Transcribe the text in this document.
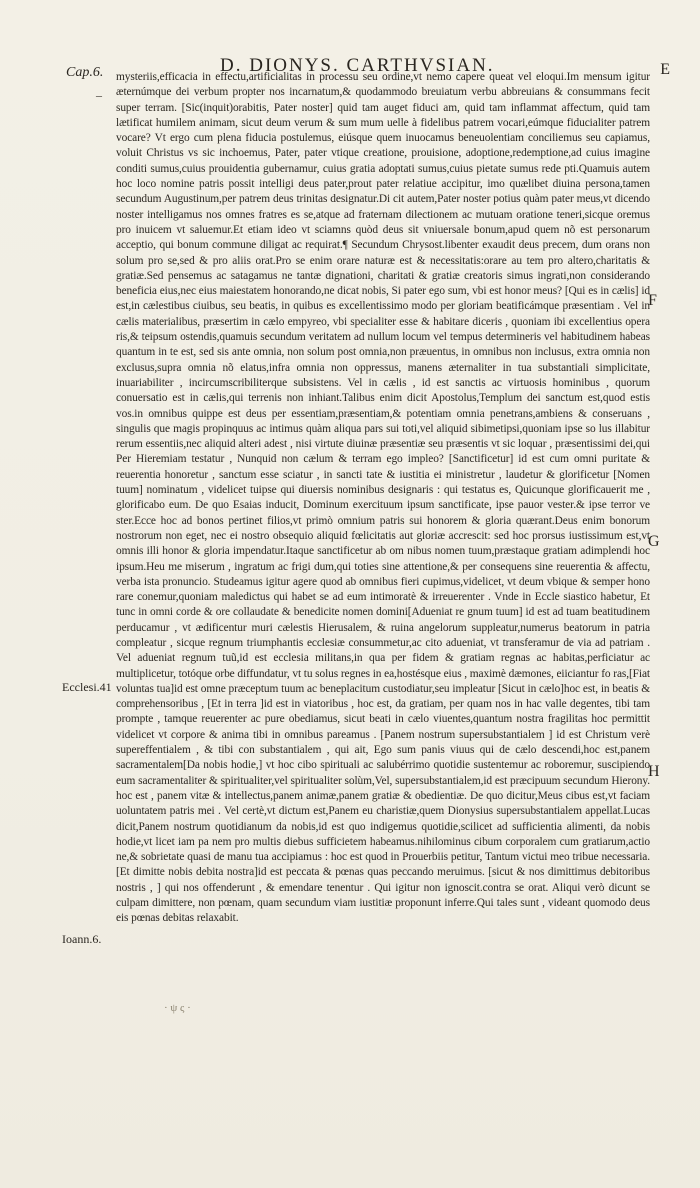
Cap.6.	D. DIONYS. CARTHVSIAN.	E
–

mysteriis,efficacia in effectu,artificialitas in processu seu ordine,vt nemo capere queat vel eloqui.Im mensum igitur æternúmque dei verbum propter nos incarnatum,& quodammodo breuiatum verbu abbreuians & consummans fecit super terram. [Sic(inquit)orabitis, Pater noster] quid tam auget fiduci am, quid tam inflammat affectum, quid tam lætificat humilem animam, sicut deum verum & sum mum uelle à fidelibus patrem vocari,eúmque fiducialiter patrem vocare? Vt ergo cum plena fiducia postulemus, eiúsque quem inuocamus beneuolentiam conciliemus seu capiamus, voluit Christus vs sic inchoemus, Pater, pater vtique creatione, prouisione, adoptione,redemptione,ad cuius imagine conditi sumus,cuius prouidentia gubernamur, cuius gratia adoptati sumus,cuius pietate sumus rede pti.Quamuis autem hoc loco nomine patris possit intelligi deus pater,prout pater relatiue accipitur, imo quælibet diuina persona,tamen secundum Augustinum,per patrem deus trinitas designatur.Di cit autem,Pater noster potius quàm pater meus,vt dicendo noster intelligamus nos omnes fratres es se,atque ad fraternam dilectionem ac mutuam oratione teneri,sicque oremus pro inuicem vt saluemur.Et etiam ideo vt sciamns quòd deus sit vniuersale bonum,apud quem nõ est personarum acceptio, qui bonum commune diligat ac requirat.¶ Secundum Chrysost.libenter exaudit deus precem, dum orans non solum pro se,sed & pro aliis orat.Pro se enim orare naturæ est & necessitatis:orare au tem pro altero,charitatis & gratiæ.Sed pensemus ac satagamus ne tantæ dignationi, charitati & gratiæ creatoris simus ingrati,non considerando beneficia eius,nec eius maiestatem honorando,ne dicat nobis, Si pater ego sum, vbi est honor meus? [Qui es in cælis] id est,in cælestibus ciuibus, seu beatis, in quibus es excellentissimo modo per gloriam beatificámque præsentiam . Vel in cælis materialibus, præsertim in cælo empyreo, vbi specialiter esse & habitare diceris , quoniam ibi excellentius opera ris,& teipsum ostendis,quamuis secundum veritatem ad nullum locum vel tempus determineris vel habitudinem habeas quantum in te est, sed sis ante omnia, non solum post omnia,non præuentus, in omnibus non inclusus, extra omnia non exclusus,supra omnia nõ elatus,infra omnia non oppressus, manens æternaliter in tua substantiali simplicitate, inuariabiliter , incircumscribiliterque subsistens. Vel in cælis , id est sanctis ac virtuosis hominibus , quorum conuersatio est in cælis,qui terrenis non inhiant.Talibus enim dicit Apostolus,Templum dei sanctum est,quod estis vos.in omnibus quippe est deus per essentiam,præsentiam,& potentiam omnia penetrans,ambiens & conseruans , singulis que magis propinquus ac intimus quàm aliqua pars sui toti,vel aliquid sibimetipsi,quoniam ipse so lus illabitur rerum essentiis,nec aliquid alteri adest , nisi virtute diuinæ præsentiæ seu præsentis vt sic loquar , præsentissimi dei,qui Per Hieremiam testatur , Nunquid non cælum & terram ego impleo? [Sanctificetur] id est cum omni puritate & reuerentia honoretur , sanctum esse sciatur , in sancti tate & iustitia ei ministretur , laudetur & glorificetur [Nomen tuum] nominatum , videlicet tuipse qui diuersis nominibus designaris : qui testatus es, Quicunque glorificauerit me , glorificabo eum. De quo Esaias inducit, Dominum exercituum ipsum sanctificate, ipse pauor vester.& ipse terror ve ster.Ecce hoc ad bonos pertinet filios,vt primò omnium patris sui honorem & gloria quærant.Deus enim bonorum nostrorum non eget, nec ei nostro obsequio aliquid fœlicitatis aut gloriæ accrescit: sed hoc prorsus iustissimum est,vt omnis illi honor & gloria impendatur.Itaque sanctificetur ab om nibus nomen tuum,præstaque gratiam adimplendi hoc ipsum.Heu me miserum , ingratum ac frigi dum,qui toties sine attentione,& per consequens sine reuerentia & affectu, verba ista pronuncio. Studeamus igitur agere quod ab omnibus fieri cupimus,videlicet, vt deum vbique & semper hono rare conemur,quoniam maledictus qui habet se ad eum intimoratè & irreuerenter . Vnde in Eccle siastico habetur, Et tunc in omni corde & ore collaudate & benedicite nomen domini[Adueniat re gnum tuum] id est ad tuam beatitudinem perducamur , vt ædificentur muri cælestis Hierusalem, & ruina angelorum suppleatur,numerus beatorum in patria compleatur , sicque regnum triumphantis ecclesiæ consummetur,ac cito adueniat, vt transferamur de via ad patriam . Vel adueniat regnum tuũ,id est ecclesia militans,in qua per fidem & gratiam regnas ac habitas,perficiatur ac multiplicetur, totóque orbe diffundatur, vt tu solus regnes in ea,hostésque eius , maximè dæmones, eiiciantur fo ras,[Fiat voluntas tua]id est omne præceptum tuum ac beneplacitum custodiatur,seu impleatur [Sicut in cælo]hoc est, in beatis & comprehensoribus , [Et in terra ]id est in viatoribus , hoc est, da gratiam, per quam nos in hac valle degentes, tibi tam prompte , tamque reuerenter ac pure obediamus, sicut beati in cælo viuentes,quantum nostra fragilitas hoc permittit videlicet vt corpore & anima tibi in omnibus pareamus . [Panem nostrum supersubstantialem ] id est Christum verè supereffentialem , & tibi con substantialem , qui ait, Ego sum panis viuus qui de cælo descendi,hoc est,panem sacramentalem[Da nobis hodie,] vt hoc cibo spirituali ac salubérrimo quotidie sustentemur ac roboremur, suscipiendo eum sacramentaliter & spiritualiter,vel spiritualiter solùm,Vel, supersubstantialem,id est præcipuum secundum Hierony. hoc est , panem vitæ & intellectus,panem animæ,panem gratiæ & obedientiæ. De quo dicitur,Meus cibus est,vt faciam uoluntatem patris mei . Vel certè,vt dictum est,Panem eu charistiæ,quem Dionysius supersubstantialem appellat.Lucas dicit,Panem nostrum quotidianum da nobis,id est quo indigemus quotidie,scilicet ad sufficientia alimenti, da nobis hodie,vt licet iam pa nem pro multis diebus sufficietem habeamus.nihilominus cibum corporalem cum gratiarum,actio ne,& sobrietate quasi de manu tua accipiamus : hoc est quod in Prouerbiis petitur, Tantum victui meo tribue necessaria.[Et dimitte nobis debita nostra]id est peccata & pœnas quas peccando meruimus. [sicut & nos dimittimus debitoribus nostris , ] qui nos offenderunt , & emendare tenentur . Qui igitur non ignoscit.contra se orat. Aliqui verò dicunt se culpam dimittere, non pœnam, quam secundum viam iustitiæ proponunt inferre.Qui tales sunt , videant quomodo deus eis pœnas debitas relaxabit.

F
G
H
Ecclesi.41
Ioann.6.
· ψ ς ·
